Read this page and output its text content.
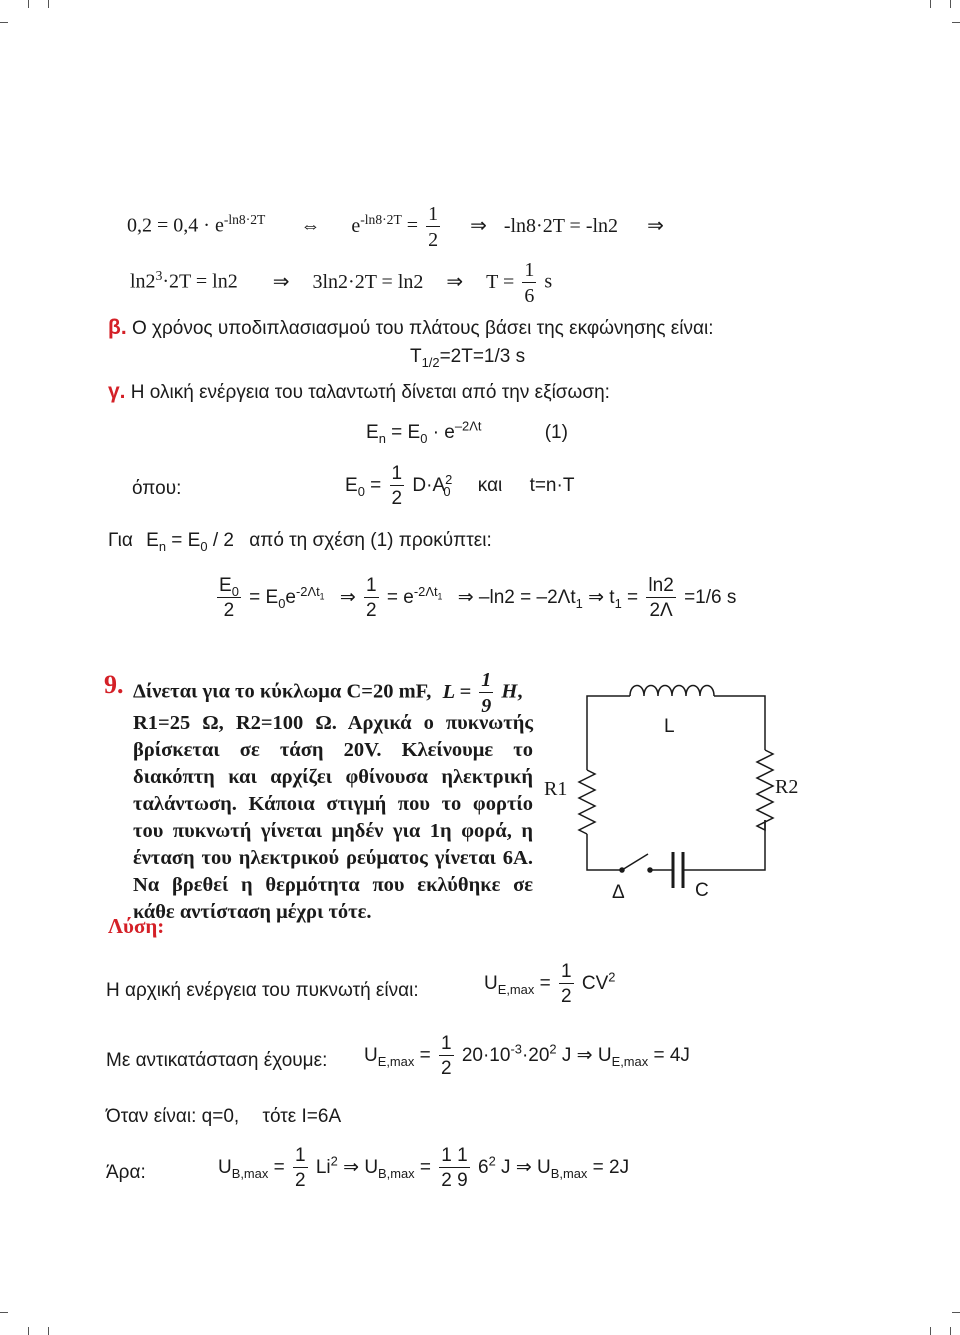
$0,2 = 0,4 \cdot e^{-ln8\cdot 2T}$ ⇔ $e^{-ln8\cdot 2T} = \frac{1}{2}$ ⇒ -ln8·2T = -ln2 ⇒
$\ln 2^3\cdot 2T = \ln 2$ ⇒ 3ln2·2T = ln2 ⇒ $T = \frac{1}{6}$ s
β. Ο χρόνος υποδιπλασιασμού του πλάτους βάσει της εκφώνησης είναι:
$T_{1/2}=2T=1/3$ s
γ. Η ολική ενέργεια του ταλαντωτή δίνεται από την εξίσωση:
$E_n = E_0 \cdot e^{-2\Lambda t}$	(1)
όπου:	$E_0 = \frac{1}{2} D\cdot A^2_0$ και t=n·T
Για $E_n = E_0 / 2$ από τη σχέση (1) προκύπτει:
$\frac{E_0}{2} = E_0e^{-2\Lambda t_1}$ ⇒ $\frac{1}{2} = e^{-2\Lambda t_1}$ ⇒ $-\ln 2 = -2\Lambda t_1$ ⇒ $t_1 = \frac{\ln 2}{2\Lambda} =1/6$ s
9. Δίνεται για το κύκλωμα C=20 mF, $L = \frac{1}{9} H$,
R1=25 Ω, R2=100 Ω. Αρχικά ο πυκνωτής βρίσκεται σε τάση 20V. Κλείνουμε το διακόπτη και αρχίζει φθίνουσα ηλεκτρική ταλάντωση. Κάποια στιγμή που το φορτίο του πυκνωτή γίνεται μηδέν για 1η φορά, η ένταση του ηλεκτρικού ρεύματος γίνεται 6Α. Να βρεθεί η θερμότητα που εκλύθηκε σε κάθε αντίσταση μέχρι τότε.
Λύση:
L
R1	R2
Δ	C
Η αρχική ενέργεια του πυκνωτή είναι:	$U_{E,max} = \frac{1}{2} CV^2$
Με αντικατάσταση έχουμε: $U_{E,max} = \frac{1}{2} 20\cdot 10^{-3}\cdot 20^2$ J ⇒ $U_{E,max} = 4J$
Όταν είναι: q=0, τότε I=6A
Άρα:	$U_{B,max} = \frac{1}{2} Li^2$ ⇒ $U_{B,max} = \frac{1 1}{2 9} 6^2$ J ⇒ $U_{B,max} = 2J$
